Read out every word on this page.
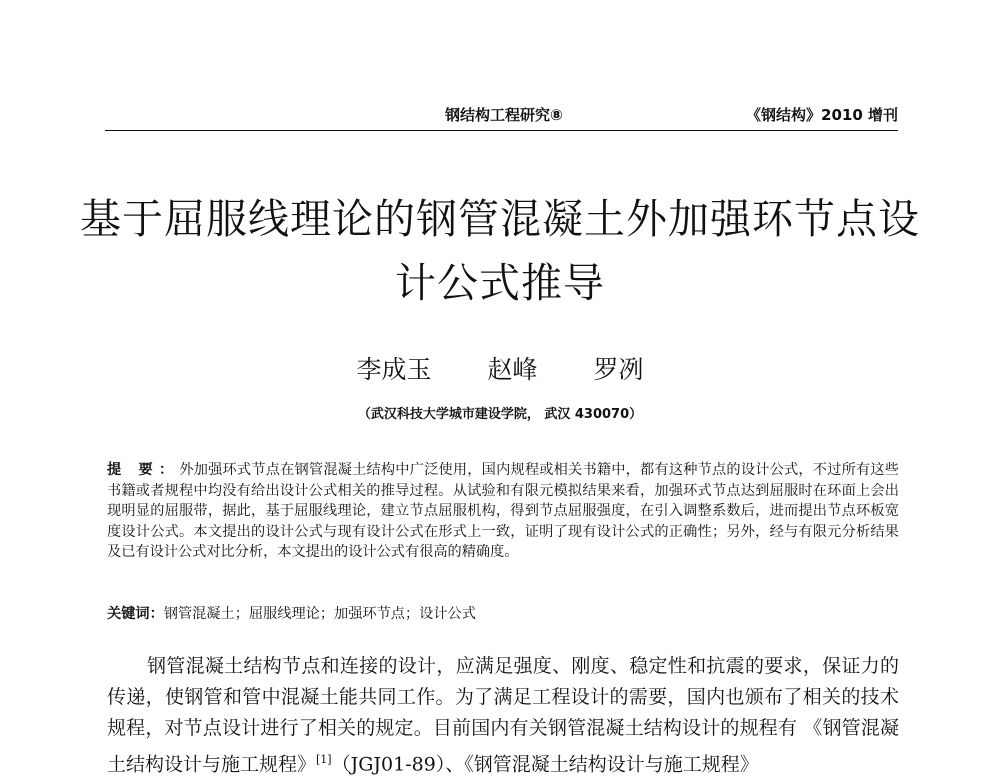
钢结构工程研究⑧	《钢结构》2010 增刊
基于屈服线理论的钢管混凝土外加强环节点设计公式推导
李成玉 赵峰 罗冽
（武汉科技大学城市建设学院， 武汉 430070）
提 要：外加强环式节点在钢管混凝土结构中广泛使用，国内规程或相关书籍中，都有这种节点的设计公式，不过所有这些书籍或者规程中均没有给出设计公式相关的推导过程。从试验和有限元模拟结果来看，加强环式节点达到屈服时在环面上会出现明显的屈服带，据此，基于屈服线理论，建立节点屈服机构，得到节点屈服强度，在引入调整系数后，进而提出节点环板宽度设计公式。本文提出的设计公式与现有设计公式在形式上一致，证明了现有设计公式的正确性；另外，经与有限元分析结果及已有设计公式对比分析，本文提出的设计公式有很高的精确度。
关键词：钢管混凝土；屈服线理论；加强环节点；设计公式
钢管混凝土结构节点和连接的设计，应满足强度、刚度、稳定性和抗震的要求，保证力的传递，使钢管和管中混凝土能共同工作。为了满足工程设计的需要，国内也颁布了相关的技术规程，对节点设计进行了相关的规定。目前国内有关钢管混凝土结构设计的规程有 《钢管混凝土结构设计与施工规程》[1]（JGJ01-89）、《钢管混凝土结构设计与施工规程》
